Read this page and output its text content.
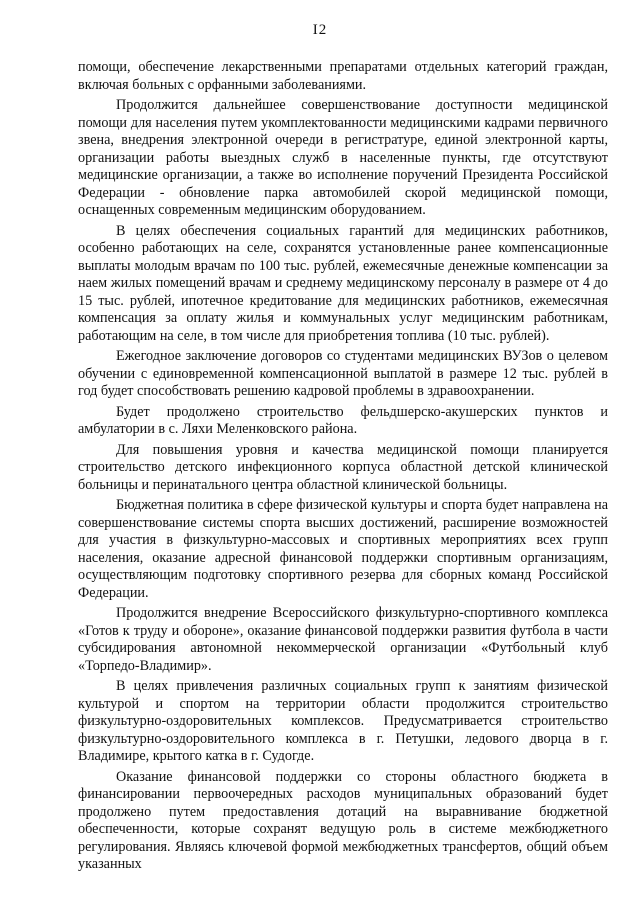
I2

помощи, обеспечение лекарственными препаратами отдельных категорий граждан, включая больных с орфанными заболеваниями.

Продолжится дальнейшее совершенствование доступности медицинской помощи для населения путем укомплектованности медицинскими кадрами первичного звена, внедрения электронной очереди в регистратуре, единой электронной карты, организации работы выездных служб в населенные пункты, где отсутствуют медицинские организации, а также во исполнение поручений Президента Российской Федерации - обновление парка автомобилей скорой медицинской помощи, оснащенных современным медицинским оборудованием.

В целях обеспечения социальных гарантий для медицинских работников, особенно работающих на селе, сохранятся установленные ранее компенсационные выплаты молодым врачам по 100 тыс. рублей, ежемесячные денежные компенсации за наем жилых помещений врачам и среднему медицинскому персоналу в размере от 4 до 15 тыс. рублей, ипотечное кредитование для медицинских работников, ежемесячная компенсация за оплату жилья и коммунальных услуг медицинским работникам, работающим на селе, в том числе для приобретения топлива (10 тыс. рублей).

Ежегодное заключение договоров со студентами медицинских ВУЗов о целевом обучении с единовременной компенсационной выплатой в размере 12 тыс. рублей в год будет способствовать решению кадровой проблемы в здравоохранении.

Будет продолжено строительство фельдшерско-акушерских пунктов и амбулатории в с. Ляхи Меленковского района.

Для повышения уровня и качества медицинской помощи планируется строительство детского инфекционного корпуса областной детской клинической больницы и перинатального центра областной клинической больницы.

Бюджетная политика в сфере физической культуры и спорта будет направлена на совершенствование системы спорта высших достижений, расширение возможностей для участия в физкультурно-массовых и спортивных мероприятиях всех групп населения, оказание адресной финансовой поддержки спортивным организациям, осуществляющим подготовку спортивного резерва для сборных команд Российской Федерации.

Продолжится внедрение Всероссийского физкультурно-спортивного комплекса «Готов к труду и обороне», оказание финансовой поддержки развития футбола в части субсидирования автономной некоммерческой организации «Футбольный клуб «Торпедо-Владимир».

В целях привлечения различных социальных групп к занятиям физической культурой и спортом на территории области продолжится строительство физкультурно-оздоровительных комплексов. Предусматривается строительство физкультурно-оздоровительного комплекса в г. Петушки, ледового дворца в г. Владимире, крытого катка в г. Судогде.

Оказание финансовой поддержки со стороны областного бюджета в финансировании первоочередных расходов муниципальных образований будет продолжено путем предоставления дотаций на выравнивание бюджетной обеспеченности, которые сохранят ведущую роль в системе межбюджетного регулирования. Являясь ключевой формой межбюджетных трансфертов, общий объем указанных
